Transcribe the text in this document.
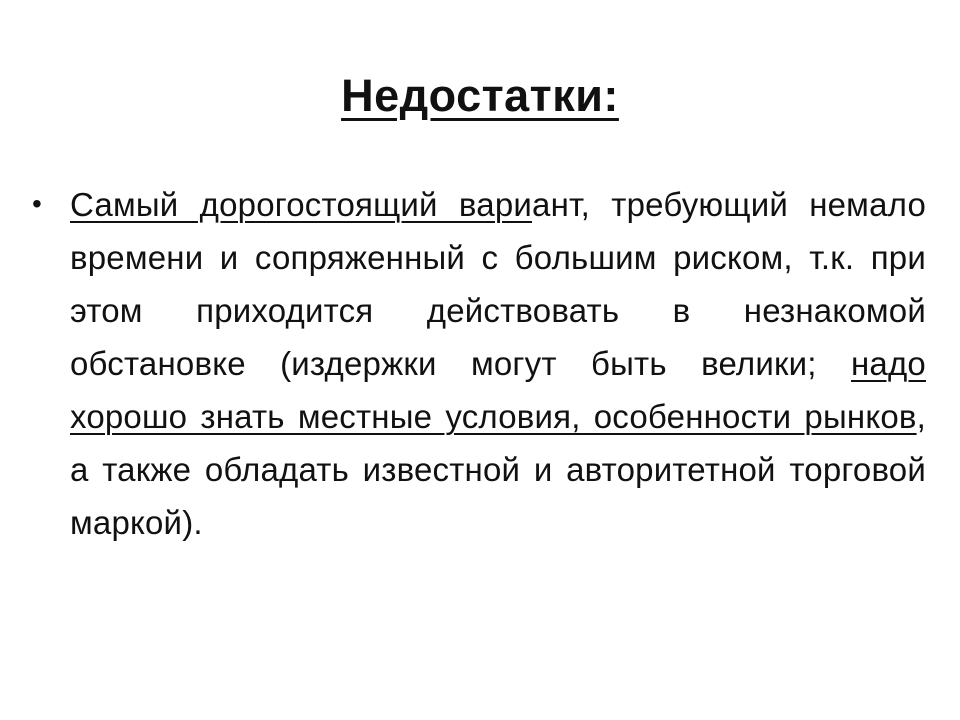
Недостатки:
• Самый дорогостоящий вариант, требующий немало времени и сопряженный с большим риском, т.к. при этом приходится действовать в незнакомой обстановке (издержки могут быть велики; надо хорошо знать местные условия, особенности рынков, а также обладать известной и авторитетной торговой маркой).
